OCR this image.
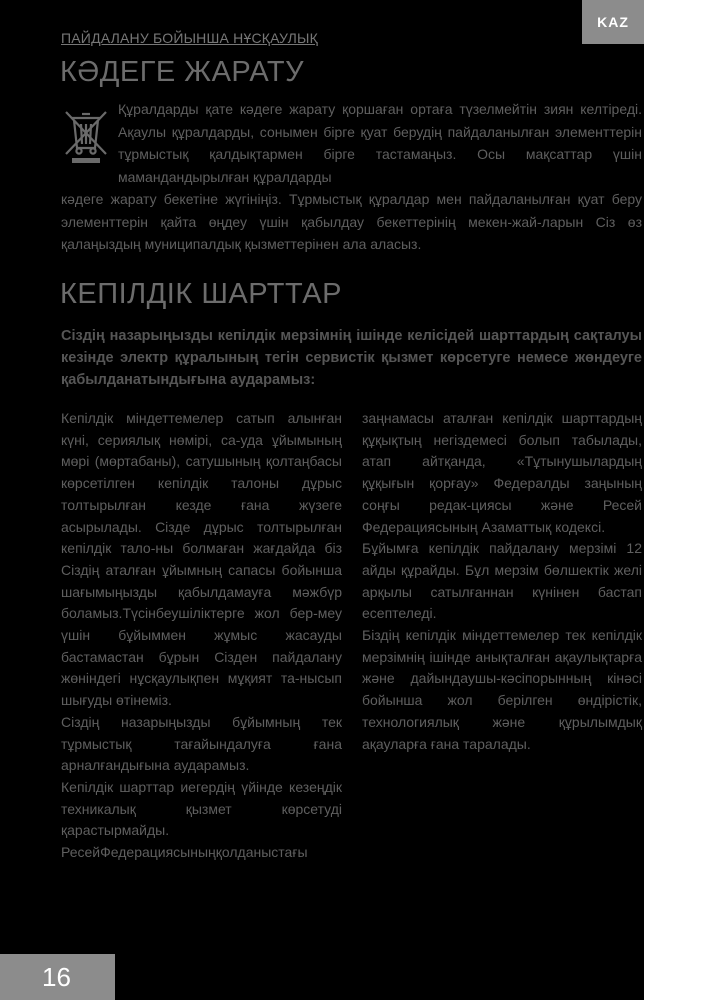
KAZ
ПАЙДАЛАНУ БОЙЫНША НҰСҚАУЛЫҚ
КӘДЕГЕ ЖАРАТУ
Құралдарды қате кәдеге жарату қоршаған ортаға түзелмейтін зиян келтіреді. Ақаулы құралдарды, сонымен бірге қуат берудің пайдаланылған элементтерін тұрмыстық қалдықтармен бірге тастамаңыз. Осы мақсаттар үшін мамандандырылған құралдарды
кәдеге жарату бекетіне жүгініңіз. Тұрмыстық құралдар мен пайдаланылған қуат беру элементтерін қайта өңдеу үшін қабылдау бекеттерінің мекен-жай-ларын Сіз өз қалаңыздың муниципалдық қызметтерінен ала аласыз.
КЕПІЛДІК ШАРТТАР
Сіздің назарыңызды кепілдік мерзімнің ішінде келісідей шарттардың сақталуы кезінде электр құралының тегін сервистік қызмет көрсетуге немесе жөндеуге қабылданатындығына аударамыз:

Кепілдік міндеттемелер сатып алынған күні, сериялық нөмірі, са-уда ұйымының мөрі (мөртабаны), сатушының қолтаңбасы көрсетілген кепілдік талоны дұрыс толтырылған кезде ғана жүзеге асырылады. Сізде дұрыс толтырылған кепілдік тало-ны болмаған жағдайда біз Сіздің аталған ұйымның сапасы бойынша шағымыңызды қабылдамауға мәжбүр боламыз.Түсінбеушіліктерге жол бер-меу үшін бұйыммен жұмыс жасауды бастамастан бұрын Сізден пайдалану жөніндегі нұсқаулықпен мұқият та-нысып шығуды өтінеміз.

Сіздің назарыңызды бұйымның тек тұрмыстық тағайындалуға ғана арналғандығына аударамыз.

Кепілдік шарттар иегердің үйінде кезеңдік техникалық қызмет көрсетуді қарастырмайды.

РесейФедерациясыныңқолданыстағы

заңнамасы аталған кепілдік шарттардың құқықтың негіздемесі болып табылады, атап айтқанда, «Тұтынушылардың құқығын қорғау» Федералды заңының соңғы редак-циясы және Ресей Федерациясының Азаматтық кодексі.

Бұйымға кепілдік пайдалану мерзімі 12 айды құрайды. Бұл мерзім бөлшектік желі арқылы сатылғаннан күнінен бастап есептеледі.

Біздің кепілдік міндеттемелер тек кепілдік мерзімнің ішінде анықталған ақаулықтарға және дайындаушы-кәсіпорынның кінәсі бойынша жол берілген өндірістік, технологиялық және құрылымдық ақауларға ғана таралады.

16
